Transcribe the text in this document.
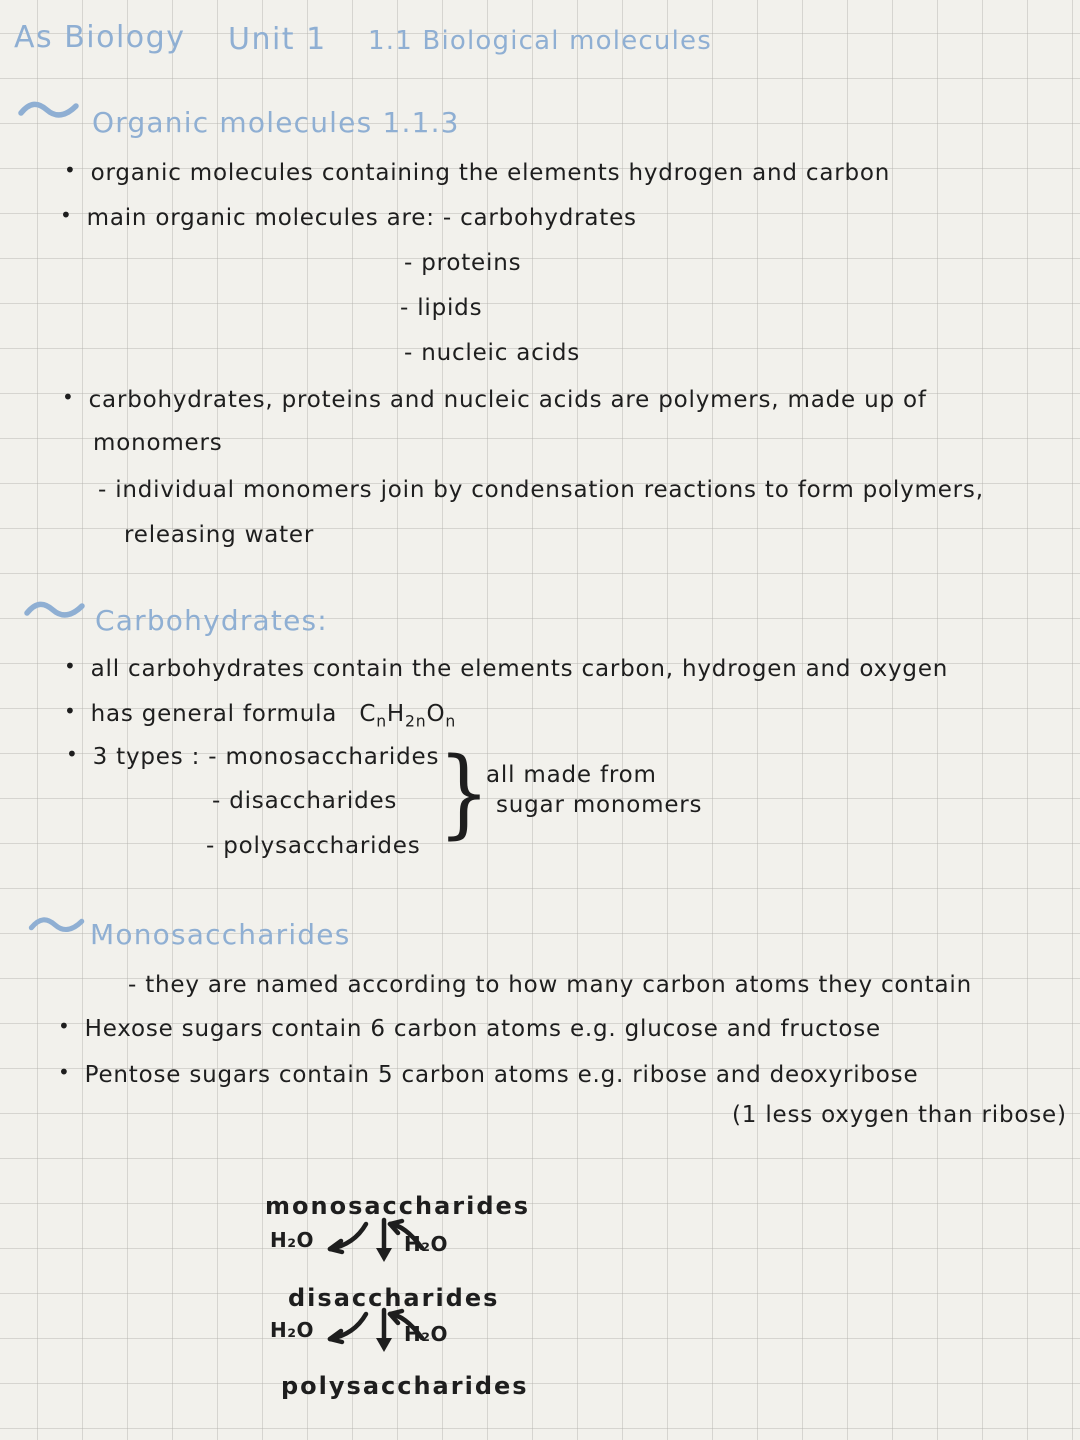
As Biology Unit 1 1.1 Biological molecules
Organic molecules 1.1.3
• organic molecules containing the elements hydrogen and carbon
• main organic molecules are: - carbohydrates
- proteins
- lipids
- nucleic acids
• carbohydrates, proteins and nucleic acids are polymers, made up of
monomers
- individual monomers join by condensation reactions to form polymers,
releasing water
Carbohydrates:
• all carbohydrates contain the elements carbon, hydrogen and oxygen
• has general formula $C_nH_{2n}O_n$
• 3 types : - monosaccharides
- disaccharides
- polysaccharides }
all made from
sugar monomers
Monosaccharides
- they are named according to how many carbon atoms they contain
• Hexose sugars contain 6 carbon atoms e.g. glucose and fructose
• Pentose sugars contain 5 carbon atoms e.g. ribose and deoxyribose
(1 less oxygen than ribose)
monosaccharides
H₂O	H₂O
disaccharides
H₂O	H₂O
polysaccharides
